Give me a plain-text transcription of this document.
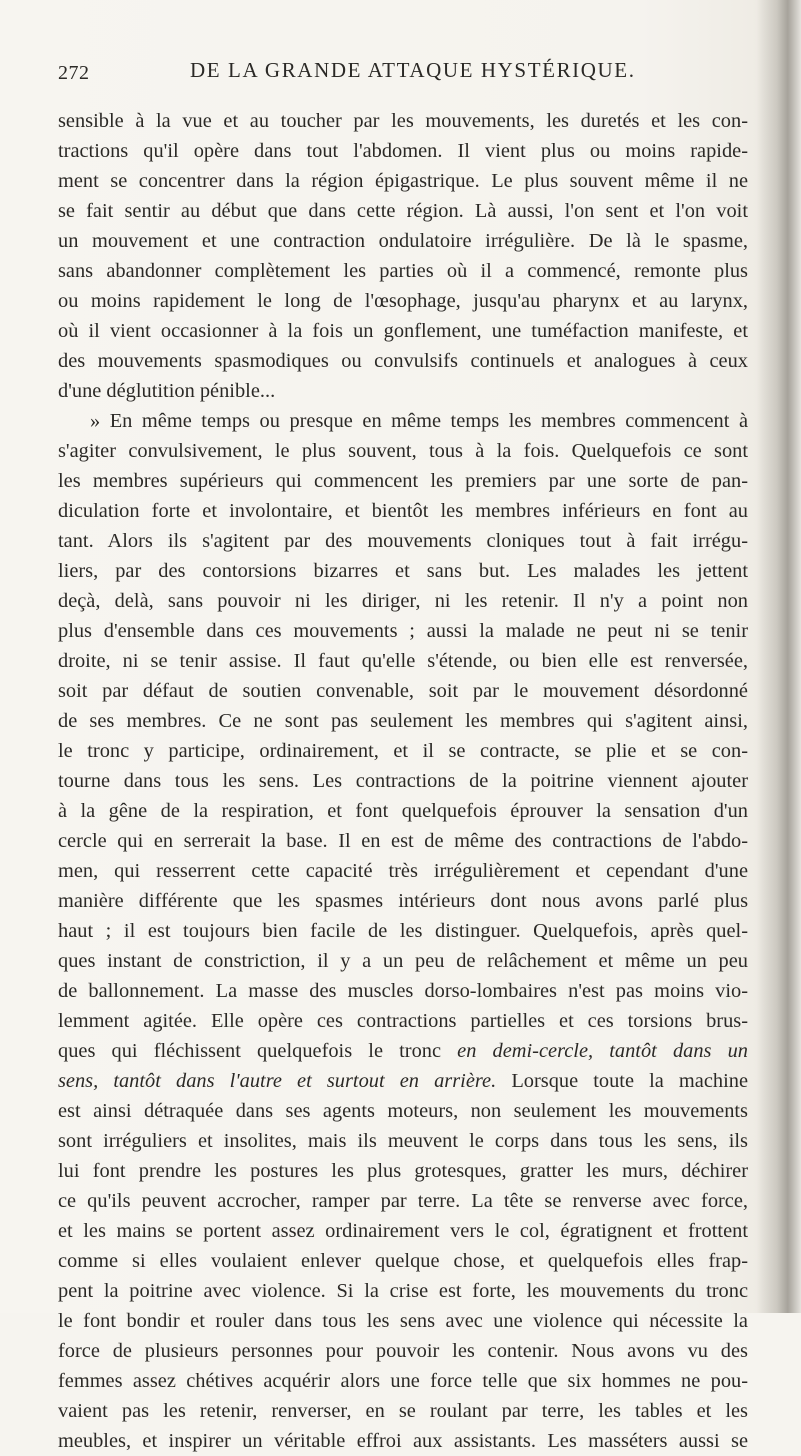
272	DE LA GRANDE ATTAQUE HYSTÉRIQUE.
sensible à la vue et au toucher par les mouvements, les duretés et les con-
tractions qu'il opère dans tout l'abdomen. Il vient plus ou moins rapide-
ment se concentrer dans la région épigastrique. Le plus souvent même il ne
se fait sentir au début que dans cette région. Là aussi, l'on sent et l'on voit
un mouvement et une contraction ondulatoire irrégulière. De là le spasme,
sans abandonner complètement les parties où il a commencé, remonte plus
ou moins rapidement le long de l'œsophage, jusqu'au pharynx et au larynx,
où il vient occasionner à la fois un gonflement, une tuméfaction manifeste, et
des mouvements spasmodiques ou convulsifs continuels et analogues à ceux
d'une déglutition pénible...
» En même temps ou presque en même temps les membres commencent à
s'agiter convulsivement, le plus souvent, tous à la fois. Quelquefois ce sont
les membres supérieurs qui commencent les premiers par une sorte de pan-
diculation forte et involontaire, et bientôt les membres inférieurs en font au
tant. Alors ils s'agitent par des mouvements cloniques tout à fait irrégu-
liers, par des contorsions bizarres et sans but. Les malades les jettent
deçà, delà, sans pouvoir ni les diriger, ni les retenir. Il n'y a point non
plus d'ensemble dans ces mouvements ; aussi la malade ne peut ni se tenir
droite, ni se tenir assise. Il faut qu'elle s'étende, ou bien elle est renversée,
soit par défaut de soutien convenable, soit par le mouvement désordonné
de ses membres. Ce ne sont pas seulement les membres qui s'agitent ainsi,
le tronc y participe, ordinairement, et il se contracte, se plie et se con-
tourne dans tous les sens. Les contractions de la poitrine viennent ajouter
à la gêne de la respiration, et font quelquefois éprouver la sensation d'un
cercle qui en serrerait la base. Il en est de même des contractions de l'abdo-
men, qui resserrent cette capacité très irrégulièrement et cependant d'une
manière différente que les spasmes intérieurs dont nous avons parlé plus
haut ; il est toujours bien facile de les distinguer. Quelquefois, après quel-
ques instant de constriction, il y a un peu de relâchement et même un peu
de ballonnement. La masse des muscles dorso-lombaires n'est pas moins vio-
lemment agitée. Elle opère ces contractions partielles et ces torsions brus-
ques qui fléchissent quelquefois le tronc en demi-cercle, tantôt dans un
sens, tantôt dans l'autre et surtout en arrière. Lorsque toute la machine
est ainsi détraquée dans ses agents moteurs, non seulement les mouvements
sont irréguliers et insolites, mais ils meuvent le corps dans tous les sens, ils
lui font prendre les postures les plus grotesques, gratter les murs, déchirer
ce qu'ils peuvent accrocher, ramper par terre. La tête se renverse avec force,
et les mains se portent assez ordinairement vers le col, égratignent et frottent
comme si elles voulaient enlever quelque chose, et quelquefois elles frap-
pent la poitrine avec violence. Si la crise est forte, les mouvements du tronc
le font bondir et rouler dans tous les sens avec une violence qui nécessite la
force de plusieurs personnes pour pouvoir les contenir. Nous avons vu des
femmes assez chétives acquérir alors une force telle que six hommes ne pou-
vaient pas les retenir, renverser, en se roulant par terre, les tables et les
meubles, et inspirer un véritable effroi aux assistants. Les masséters aussi se
